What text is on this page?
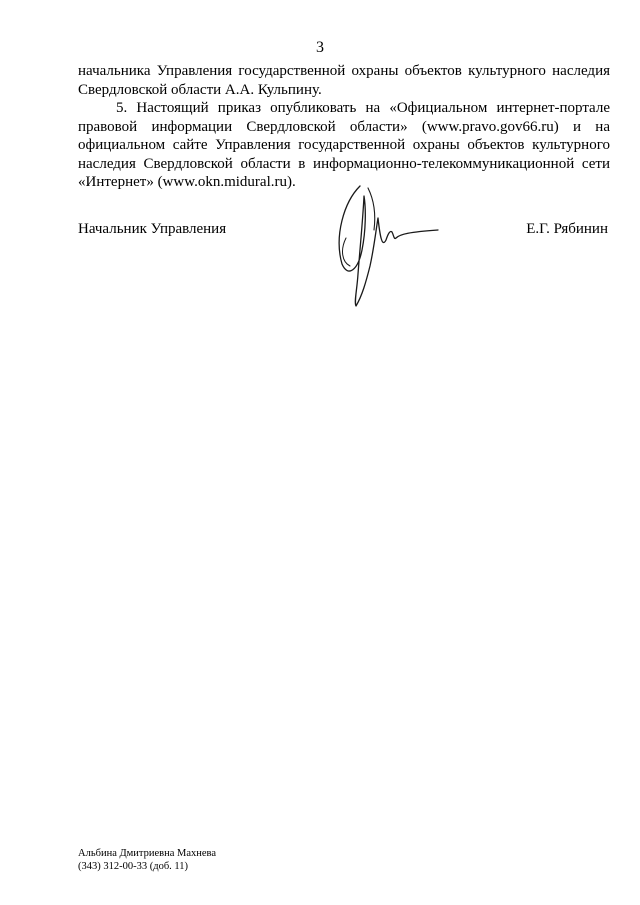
3

начальника Управления государственной охраны объектов культурного наследия Свердловской области А.А. Кульпину.

5. Настоящий приказ опубликовать на «Официальном интернет-портале правовой информации Свердловской области» (www.pravo.gov66.ru) и на официальном сайте Управления государственной охраны объектов культурного наследия Свердловской области в информационно-телекоммуникационной сети «Интернет» (www.okn.midural.ru).

Начальник Управления	Е.Г. Рябинин
Альбина Дмитриевна Махнева
(343) 312-00-33 (доб. 11)
